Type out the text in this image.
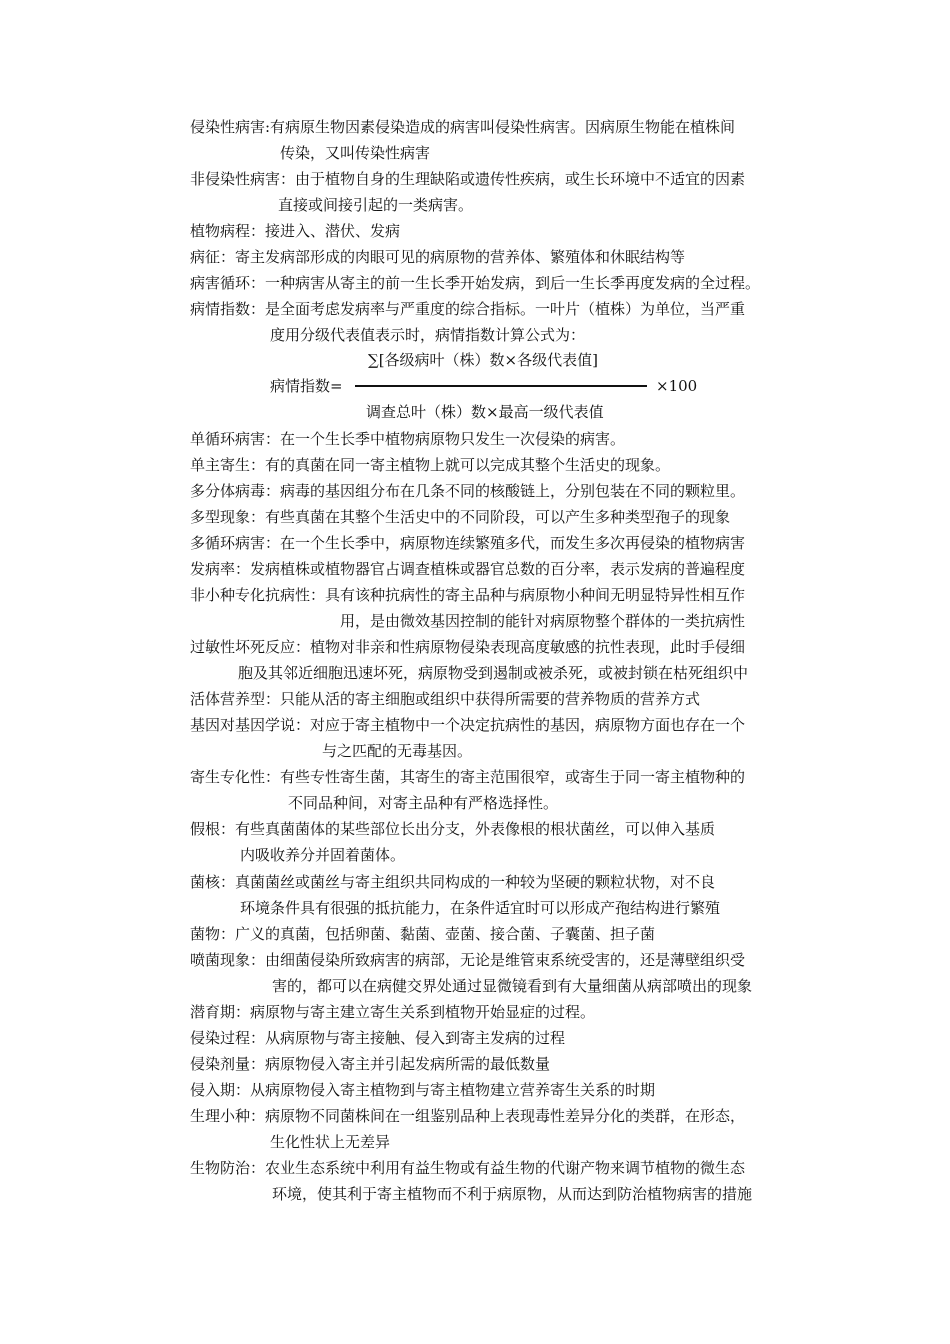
侵染性病害:有病原生物因素侵染造成的病害叫侵染性病害。因病原生物能在植株间
传染，又叫传染性病害
非侵染性病害：由于植物自身的生理缺陷或遗传性疾病，或生长环境中不适宜的因素
直接或间接引起的一类病害。
植物病程：接进入、潜伏、发病
病征：寄主发病部形成的肉眼可见的病原物的营养体、繁殖体和休眠结构等
病害循环：一种病害从寄主的前一生长季开始发病，到后一生长季再度发病的全过程。
病情指数：是全面考虑发病率与严重度的综合指标。一叶片（植株）为单位，当严重
度用分级代表值表示时，病情指数计算公式为：
∑[各级病叶（株）数×各级代表值]
病情指数=	×100
调查总叶（株）数×最高一级代表值
单循环病害：在一个生长季中植物病原物只发生一次侵染的病害。
单主寄生：有的真菌在同一寄主植物上就可以完成其整个生活史的现象。
多分体病毒：病毒的基因组分布在几条不同的核酸链上，分别包装在不同的颗粒里。
多型现象：有些真菌在其整个生活史中的不同阶段，可以产生多种类型孢子的现象
多循环病害：在一个生长季中，病原物连续繁殖多代，而发生多次再侵染的植物病害
发病率：发病植株或植物器官占调查植株或器官总数的百分率，表示发病的普遍程度
非小种专化抗病性：具有该种抗病性的寄主品种与病原物小种间无明显特异性相互作
用，是由微效基因控制的能针对病原物整个群体的一类抗病性
过敏性坏死反应：植物对非亲和性病原物侵染表现高度敏感的抗性表现，此时手侵细
胞及其邻近细胞迅速坏死，病原物受到遏制或被杀死，或被封锁在枯死组织中
活体营养型：只能从活的寄主细胞或组织中获得所需要的营养物质的营养方式
基因对基因学说：对应于寄主植物中一个决定抗病性的基因，病原物方面也存在一个
与之匹配的无毒基因。
寄生专化性：有些专性寄生菌，其寄生的寄主范围很窄，或寄生于同一寄主植物种的
不同品种间，对寄主品种有严格选择性。
假根：有些真菌菌体的某些部位长出分支，外表像根的根状菌丝，可以伸入基质
内吸收养分并固着菌体。
菌核：真菌菌丝或菌丝与寄主组织共同构成的一种较为坚硬的颗粒状物，对不良
环境条件具有很强的抵抗能力，在条件适宜时可以形成产孢结构进行繁殖
菌物：广义的真菌，包括卵菌、黏菌、壶菌、接合菌、子囊菌、担子菌
喷菌现象：由细菌侵染所致病害的病部，无论是维管束系统受害的，还是薄壁组织受
害的，都可以在病健交界处通过显微镜看到有大量细菌从病部喷出的现象
潜育期：病原物与寄主建立寄生关系到植物开始显症的过程。
侵染过程：从病原物与寄主接触、侵入到寄主发病的过程
侵染剂量：病原物侵入寄主并引起发病所需的最低数量
侵入期：从病原物侵入寄主植物到与寄主植物建立营养寄生关系的时期
生理小种：病原物不同菌株间在一组鉴别品种上表现毒性差异分化的类群，在形态，
生化性状上无差异
生物防治：农业生态系统中利用有益生物或有益生物的代谢产物来调节植物的微生态
环境，使其利于寄主植物而不利于病原物，从而达到防治植物病害的措施
